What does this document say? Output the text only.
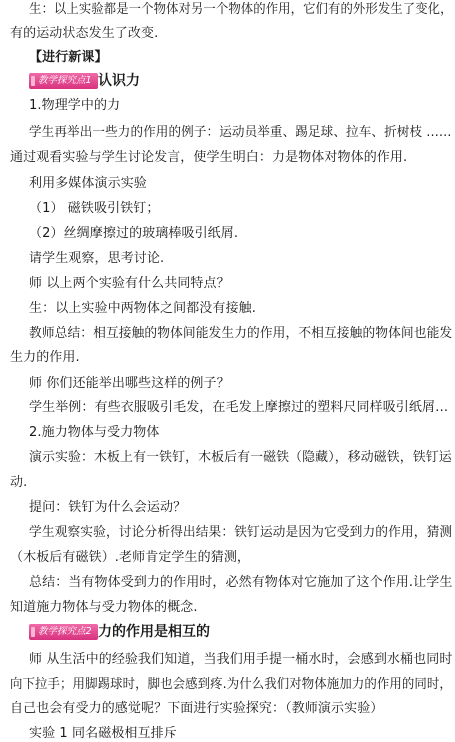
生：以上实验都是一个物体对另一个物体的作用，它们有的外形发生了变化，
有的运动状态发生了改变.
【进行新课】
教学探究点1 认识力
1.物理学中的力
学生再举出一些力的作用的例子：运动员举重、踢足球、拉车、折树枝 ……
通过观看实验与学生讨论发言，使学生明白：力是物体对物体的作用.
利用多媒体演示实验
（1） 磁铁吸引铁钉；
（2）丝绸摩擦过的玻璃棒吸引纸屑.
请学生观察，思考讨论.
师 以上两个实验有什么共同特点？
生：以上实验中两物体之间都没有接触.
教师总结：相互接触的物体间能发生力的作用，不相互接触的物体间也能发
生力的作用.
师 你们还能举出哪些这样的例子？
学生举例：有些衣服吸引毛发，在毛发上摩擦过的塑料尺同样吸引纸屑…
2.施力物体与受力物体
演示实验：木板上有一铁钉，木板后有一磁铁（隐藏），移动磁铁，铁钉运
动.
提问：铁钉为什么会运动？
学生观察实验，讨论分析得出结果：铁钉运动是因为它受到力的作用，猜测
（木板后有磁铁）.老师肯定学生的猜测，
总结：当有物体受到力的作用时，必然有物体对它施加了这个作用.让学生
知道施力物体与受力物体的概念.
教学探究点2 力的作用是相互的
师 从生活中的经验我们知道，当我们用手提一桶水时，会感到水桶也同时
向下拉手；用脚踢球时，脚也会感到疼.为什么我们对物体施加力的作用的同时，
自己也会有受力的感觉呢？下面进行实验探究：（教师演示实验）
实验 1 同名磁极相互排斥
